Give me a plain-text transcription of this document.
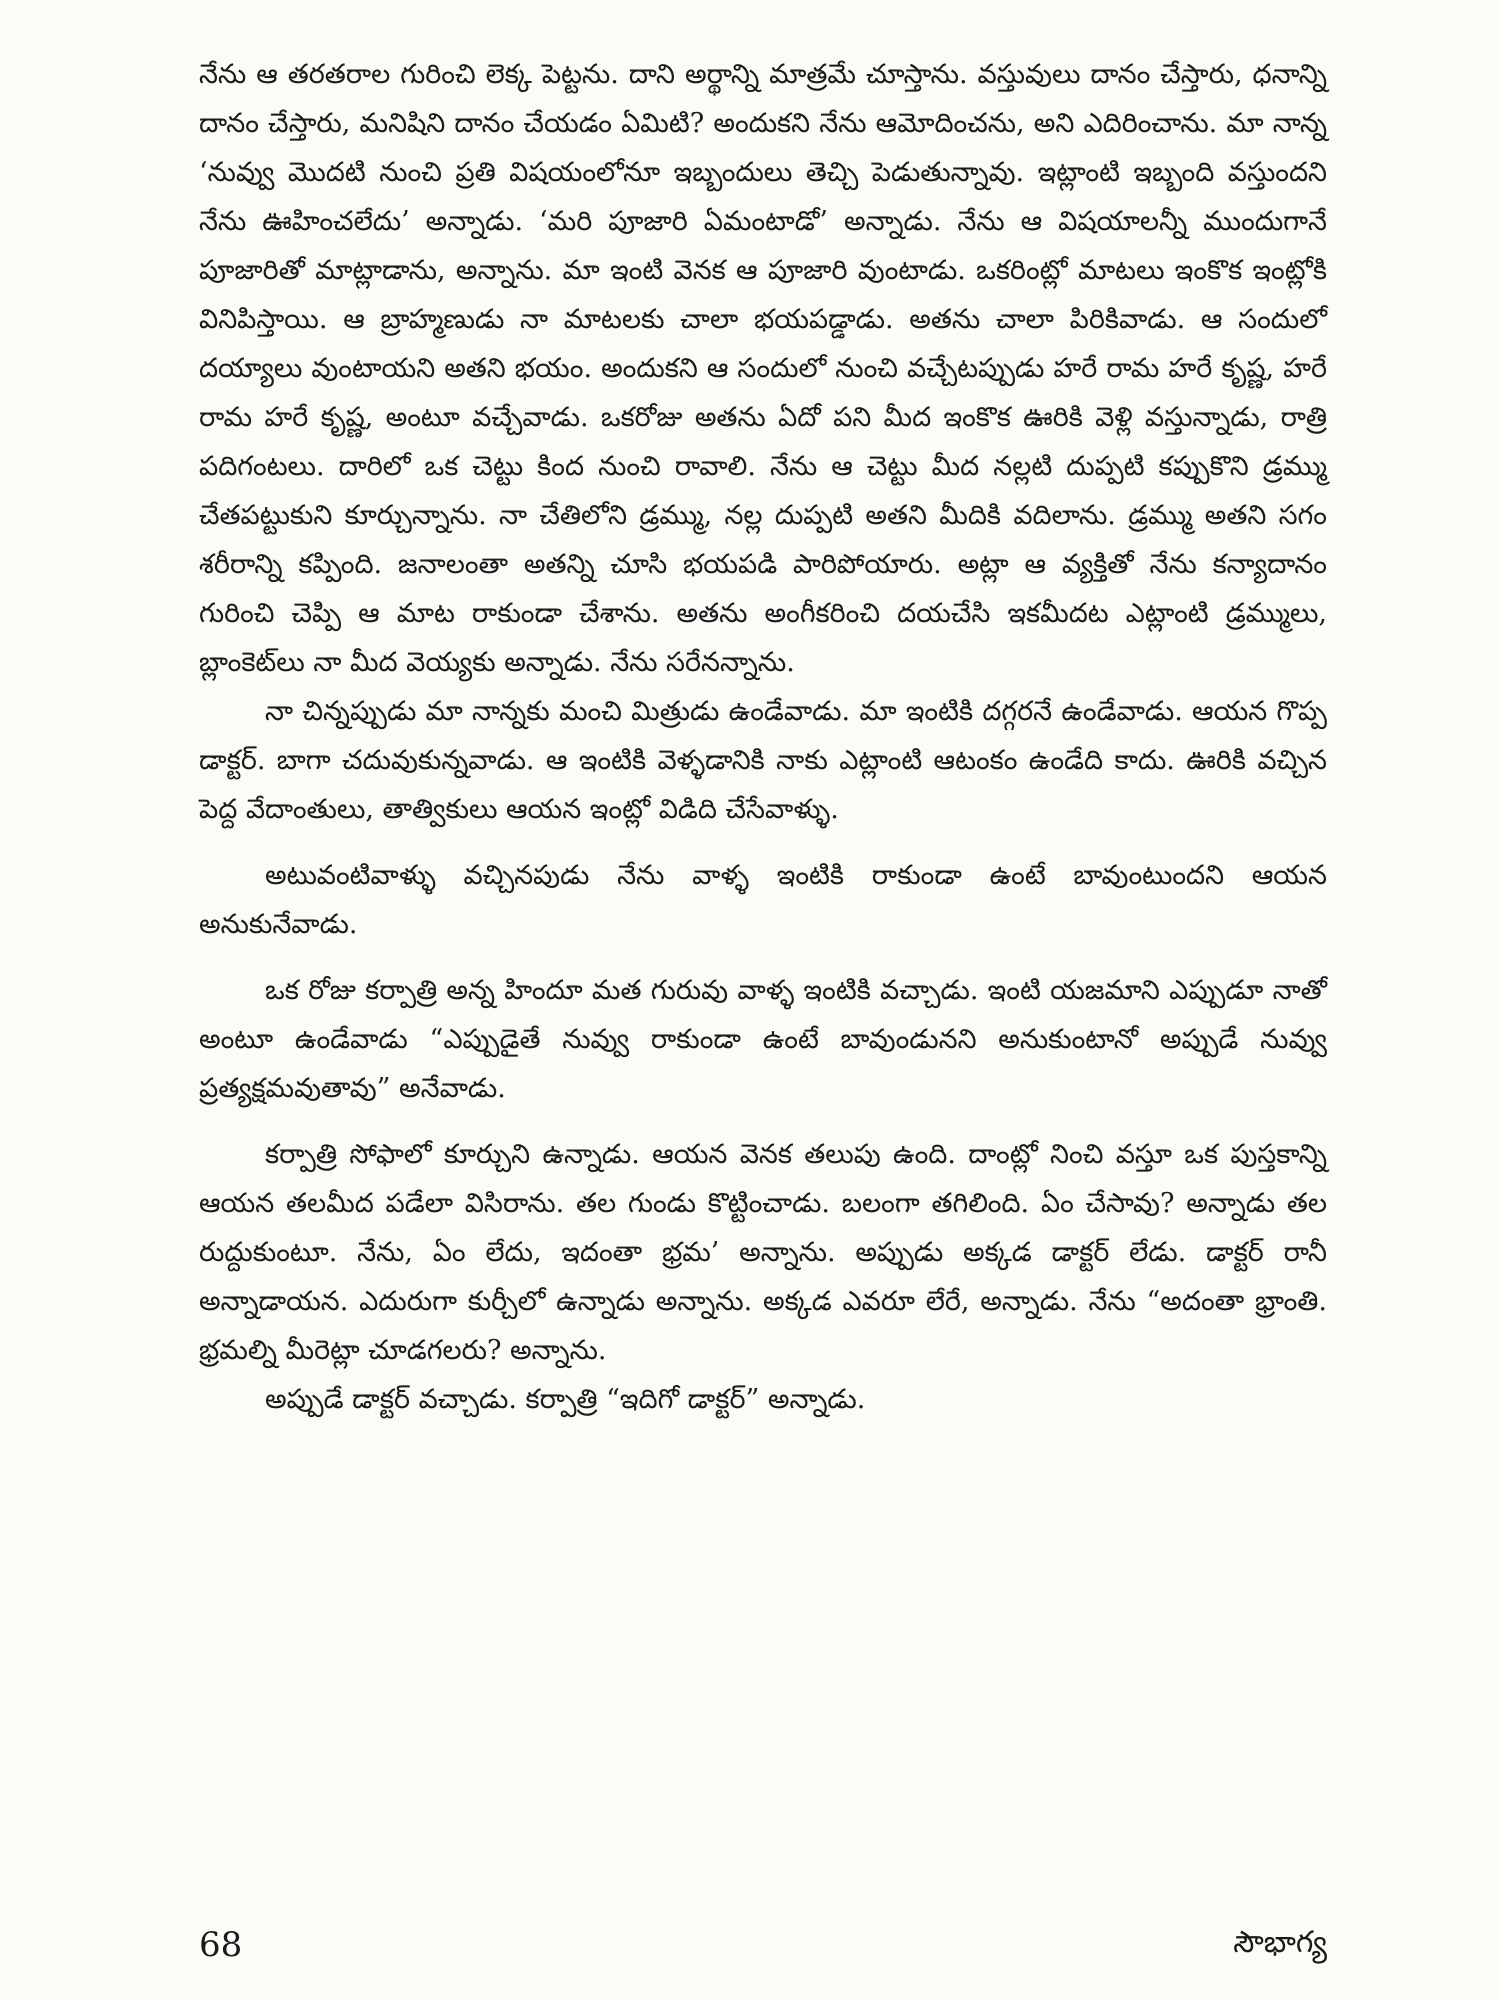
నేను ఆ తరతరాల గురించి లెక్క పెట్టను. దాని అర్థాన్ని మాత్రమే చూస్తాను. వస్తువులు దానం చేస్తారు, ధనాన్ని దానం చేస్తారు, మనిషిని దానం చేయడం ఏమిటి? అందుకని నేను ఆమోదించను, అని ఎదిరించాను. మా నాన్న ‘నువ్వు మొదటి నుంచి ప్రతి విషయంలోనూ ఇబ్బందులు తెచ్చి పెడుతున్నావు. ఇట్లాంటి ఇబ్బంది వస్తుందని నేను ఊహించలేదు’ అన్నాడు. ‘మరి పూజారి ఏమంటాడో’ అన్నాడు. నేను ఆ విషయాలన్నీ ముందుగానే పూజారితో మాట్లాడాను, అన్నాను. మా ఇంటి వెనక ఆ పూజారి వుంటాడు. ఒకరింట్లో మాటలు ఇంకొక ఇంట్లోకి వినిపిస్తాయి. ఆ బ్రాహ్మణుడు నా మాటలకు చాలా భయపడ్డాడు. అతను చాలా పిరికివాడు. ఆ సందులో దయ్యాలు వుంటాయని అతని భయం. అందుకని ఆ సందులో నుంచి వచ్చేటప్పుడు హరే రామ హరే కృష్ణ, హరే రామ హరే కృష్ణ, అంటూ వచ్చేవాడు. ఒకరోజు అతను ఏదో పని మీద ఇంకొక ఊరికి వెళ్లి వస్తున్నాడు, రాత్రి పదిగంటలు. దారిలో ఒక చెట్టు కింద నుంచి రావాలి. నేను ఆ చెట్టు మీద నల్లటి దుప్పటి కప్పుకొని డ్రమ్ము చేతపట్టుకుని కూర్చున్నాను. నా చేతిలోని డ్రమ్ము, నల్ల దుప్పటి అతని మీదికి వదిలాను. డ్రమ్ము అతని సగం శరీరాన్ని కప్పింది. జనాలంతా అతన్ని చూసి భయపడి పారిపోయారు. అట్లా ఆ వ్యక్తితో నేను కన్యాదానం గురించి చెప్పి ఆ మాట రాకుండా చేశాను. అతను అంగీకరించి దయచేసి ఇకమీదట ఎట్లాంటి డ్రమ్ములు, బ్లాంకెట్‌లు నా మీద వెయ్యకు అన్నాడు. నేను సరేనన్నాను.

నా చిన్నప్పుడు మా నాన్నకు మంచి మిత్రుడు ఉండేవాడు. మా ఇంటికి దగ్గరనే ఉండేవాడు. ఆయన గొప్ప డాక్టర్. బాగా చదువుకున్నవాడు. ఆ ఇంటికి వెళ్ళడానికి నాకు ఎట్లాంటి ఆటంకం ఉండేది కాదు. ఊరికి వచ్చిన పెద్ద వేదాంతులు, తాత్వికులు ఆయన ఇంట్లో విడిది చేసేవాళ్ళు.

అటువంటివాళ్ళు వచ్చినపుడు నేను వాళ్ళ ఇంటికి రాకుండా ఉంటే బావుంటుందని ఆయన అనుకునేవాడు.

ఒక రోజు కర్పాత్రి అన్న హిందూ మత గురువు వాళ్ళ ఇంటికి వచ్చాడు. ఇంటి యజమాని ఎప్పుడూ నాతో అంటూ ఉండేవాడు “ఎప్పుడైతే నువ్వు రాకుండా ఉంటే బావుండునని అనుకుంటానో అప్పుడే నువ్వు ప్రత్యక్షమవుతావు” అనేవాడు.

కర్పాత్రి సోఫాలో కూర్చుని ఉన్నాడు. ఆయన వెనక తలుపు ఉంది. దాంట్లో నించి వస్తూ ఒక పుస్తకాన్ని ఆయన తలమీద పడేలా విసిరాను. తల గుండు కొట్టించాడు. బలంగా తగిలింది. ఏం చేసావు? అన్నాడు తల రుద్దుకుంటూ. నేను, ఏం లేదు, ఇదంతా భ్రమ’ అన్నాను. అప్పుడు అక్కడ డాక్టర్ లేడు. డాక్టర్ రానీ అన్నాడాయన. ఎదురుగా కుర్చీలో ఉన్నాడు అన్నాను. అక్కడ ఎవరూ లేరే, అన్నాడు. నేను “అదంతా భ్రాంతి. భ్రమల్ని మీరెట్లా చూడగలరు? అన్నాను.

అప్పుడే డాక్టర్ వచ్చాడు. కర్పాత్రి “ఇదిగో డాక్టర్” అన్నాడు.

68	సౌభాగ్య
